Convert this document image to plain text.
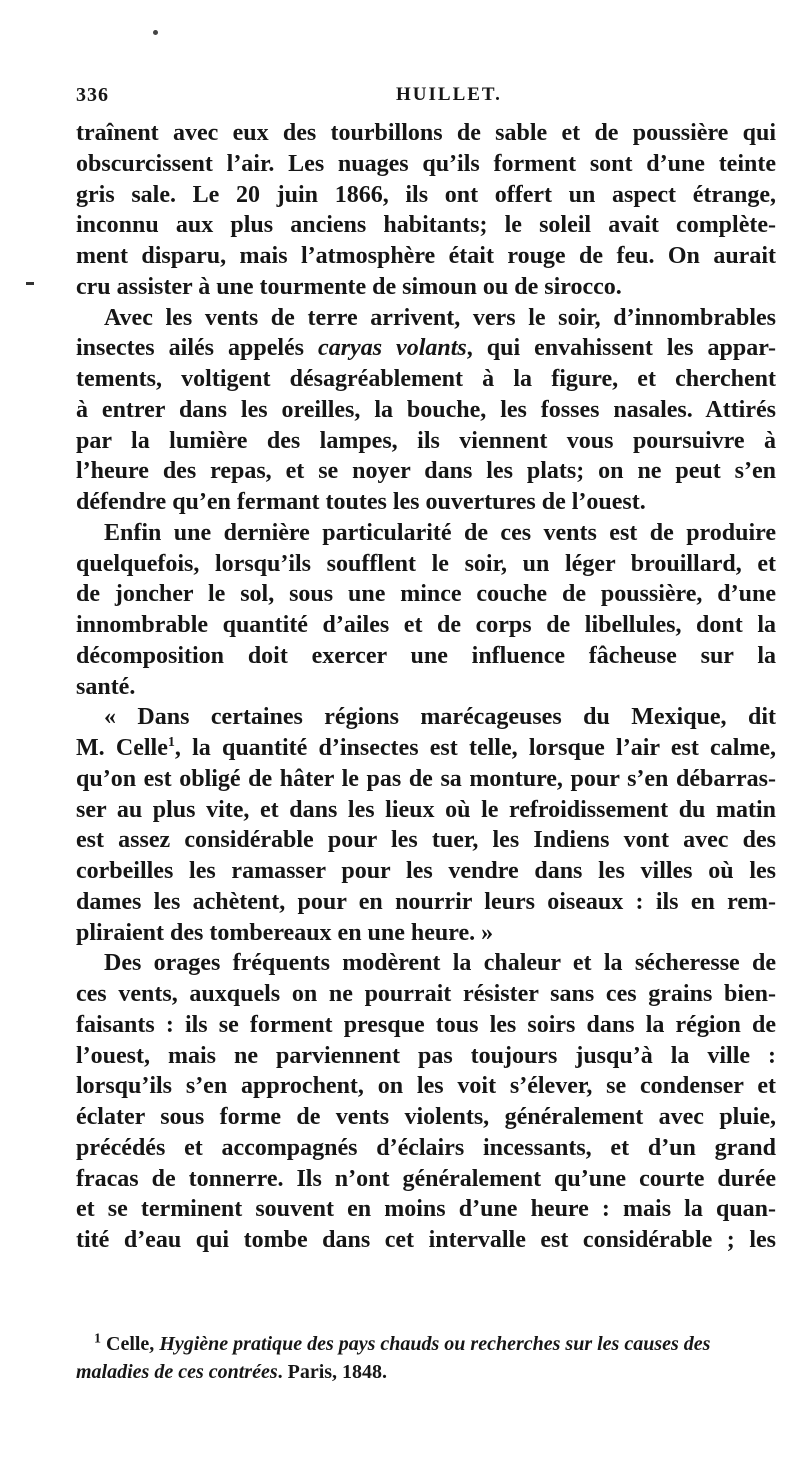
336	HUILLET.
traînent avec eux des tourbillons de sable et de poussière qui
obscurcissent l’air. Les nuages qu’ils forment sont d’une teinte
gris sale. Le 20 juin 1866, ils ont offert un aspect étrange,
inconnu aux plus anciens habitants; le soleil avait complète-
ment disparu, mais l’atmosphère était rouge de feu. On aurait
cru assister à une tourmente de simoun ou de sirocco.
Avec les vents de terre arrivent, vers le soir, d’innombrables
insectes ailés appelés caryas volants, qui envahissent les appar-
tements, voltigent désagréablement à la figure, et cherchent
à entrer dans les oreilles, la bouche, les fosses nasales. Attirés
par la lumière des lampes, ils viennent vous poursuivre à
l’heure des repas, et se noyer dans les plats; on ne peut s’en
défendre qu’en fermant toutes les ouvertures de l’ouest.
Enfin une dernière particularité de ces vents est de produire
quelquefois, lorsqu’ils soufflent le soir, un léger brouillard, et
de joncher le sol, sous une mince couche de poussière, d’une
innombrable quantité d’ailes et de corps de libellules, dont la
décomposition doit exercer une influence fâcheuse sur la
santé.
« Dans certaines régions marécageuses du Mexique, dit
M. Celle$^1$, la quantité d’insectes est telle, lorsque l’air est calme,
qu’on est obligé de hâter le pas de sa monture, pour s’en débarras-
ser au plus vite, et dans les lieux où le refroidissement du matin
est assez considérable pour les tuer, les Indiens vont avec des
corbeilles les ramasser pour les vendre dans les villes où les
dames les achètent, pour en nourrir leurs oiseaux : ils en rem-
pliraient des tombereaux en une heure. »
Des orages fréquents modèrent la chaleur et la sécheresse de
ces vents, auxquels on ne pourrait résister sans ces grains bien-
faisants : ils se forment presque tous les soirs dans la région de
l’ouest, mais ne parviennent pas toujours jusqu’à la ville :
lorsqu’ils s’en approchent, on les voit s’élever, se condenser et
éclater sous forme de vents violents, généralement avec pluie,
précédés et accompagnés d’éclairs incessants, et d’un grand
fracas de tonnerre. Ils n’ont généralement qu’une courte durée
et se terminent souvent en moins d’une heure : mais la quan-
tité d’eau qui tombe dans cet intervalle est considérable ; les
$^1$ Celle, Hygiène pratique des pays chauds ou recherches sur les causes des
maladies de ces contrées. Paris, 1848.
